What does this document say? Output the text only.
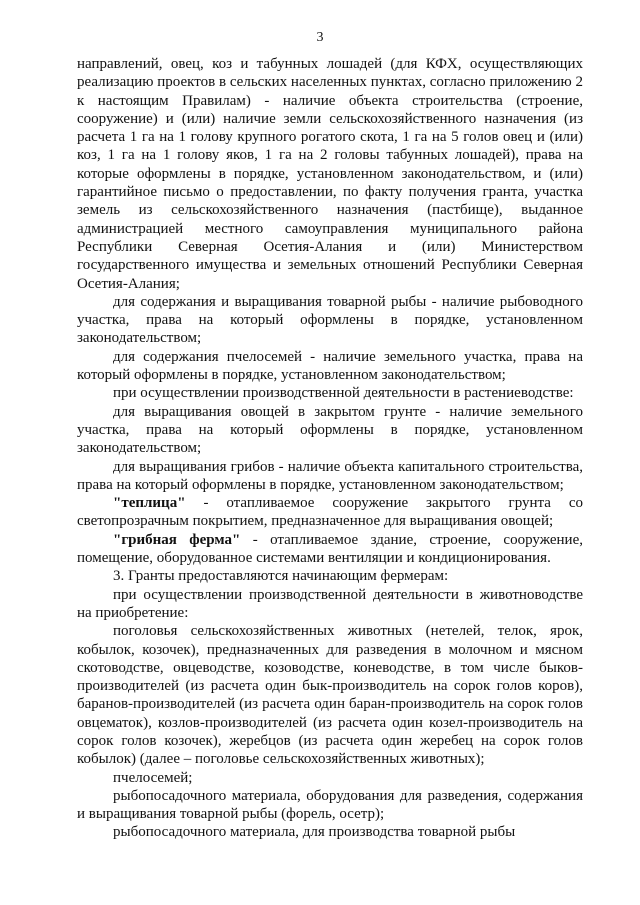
3

направлений, овец, коз и табунных лошадей (для КФХ, осуществляющих реализацию проектов в сельских населенных пунктах, согласно приложению 2 к настоящим Правилам) - наличие объекта строительства (строение, сооружение) и (или) наличие земли сельскохозяйственного назначения (из расчета 1 га на 1 голову крупного рогатого скота, 1 га на 5 голов овец и (или) коз, 1 га на 1 голову яков, 1 га на 2 головы табунных лошадей), права на которые оформлены в порядке, установленном законодательством, и (или) гарантийное письмо о предоставлении, по факту получения гранта, участка земель из сельскохозяйственного назначения (пастбище), выданное администрацией местного самоуправления муниципального района Республики Северная Осетия-Алания и (или) Министерством государственного имущества и земельных отношений Республики Северная Осетия-Алания;

для содержания и выращивания товарной рыбы - наличие рыбоводного участка, права на который оформлены в порядке, установленном законодательством;

для содержания пчелосемей - наличие земельного участка, права на который оформлены в порядке, установленном законодательством;

при осуществлении производственной деятельности в растениеводстве:

для выращивания овощей в закрытом грунте - наличие земельного участка, права на который оформлены в порядке, установленном законодательством;

для выращивания грибов - наличие объекта капитального строительства, права на который оформлены в порядке, установленном законодательством;

"теплица" - отапливаемое сооружение закрытого грунта со светопрозрачным покрытием, предназначенное для выращивания овощей;

"грибная ферма" - отапливаемое здание, строение, сооружение, помещение, оборудованное системами вентиляции и кондиционирования.

3. Гранты предоставляются начинающим фермерам:

при осуществлении производственной деятельности в животноводстве на приобретение:

поголовья сельскохозяйственных животных (нетелей, телок, ярок, кобылок, козочек), предназначенных для разведения в молочном и мясном скотоводстве, овцеводстве, козоводстве, коневодстве, в том числе быков-производителей (из расчета один бык-производитель на сорок голов коров), баранов-производителей (из расчета один баран-производитель на сорок голов овцематок), козлов-производителей (из расчета один козел-производитель на сорок голов козочек), жеребцов (из расчета один жеребец на сорок голов кобылок) (далее – поголовье сельскохозяйственных животных);

пчелосемей;

рыбопосадочного материала, оборудования для разведения, содержания и выращивания товарной рыбы (форель, осетр);

рыбопосадочного материала, для производства товарной рыбы
